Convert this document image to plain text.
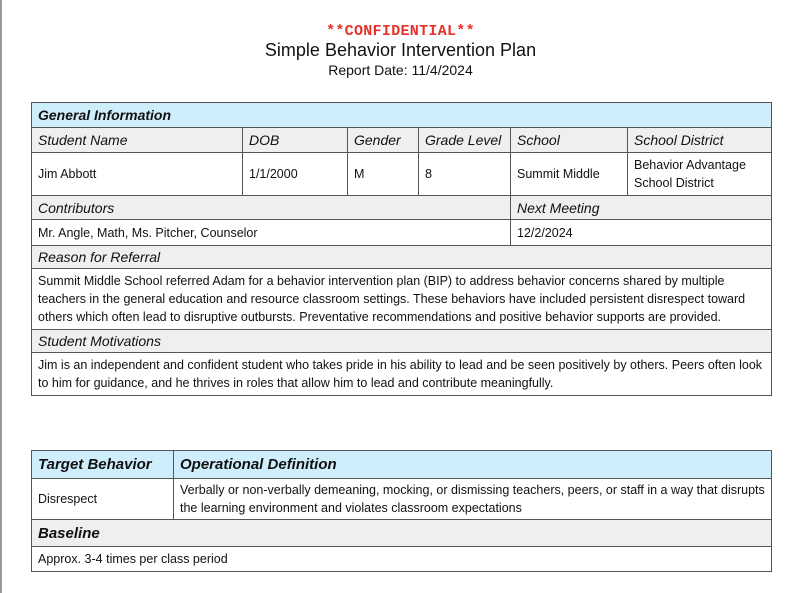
**CONFIDENTIAL**
Simple Behavior Intervention Plan
Report Date: 11/4/2024
General Information					
Student Name	DOB	Gender	Grade Level	School	School District
Jim Abbott	1/1/2000	M	8	Summit Middle	Behavior Advantage School District
Contributors				Next Meeting	
Mr. Angle, Math, Ms. Pitcher, Counselor				12/2/2024	
Reason for Referral					
Summit Middle School referred Adam for a behavior intervention plan (BIP) to address behavior concerns shared by multiple teachers in the general education and resource classroom settings. These behaviors have included persistent disrespect toward others which often lead to disruptive outbursts. Preventative recommendations and positive behavior supports are provided.					
Student Motivations					
Jim is an independent and confident student who takes pride in his ability to lead and be seen positively by others. Peers often look to him for guidance, and he thrives in roles that allow him to lead and contribute meaningfully.					
Target Behavior	Operational Definition
Disrespect	Verbally or non-verbally demeaning, mocking, or dismissing teachers, peers, or staff in a way that disrupts the learning environment and violates classroom expectations
Baseline	
Approx. 3-4 times per class period	
